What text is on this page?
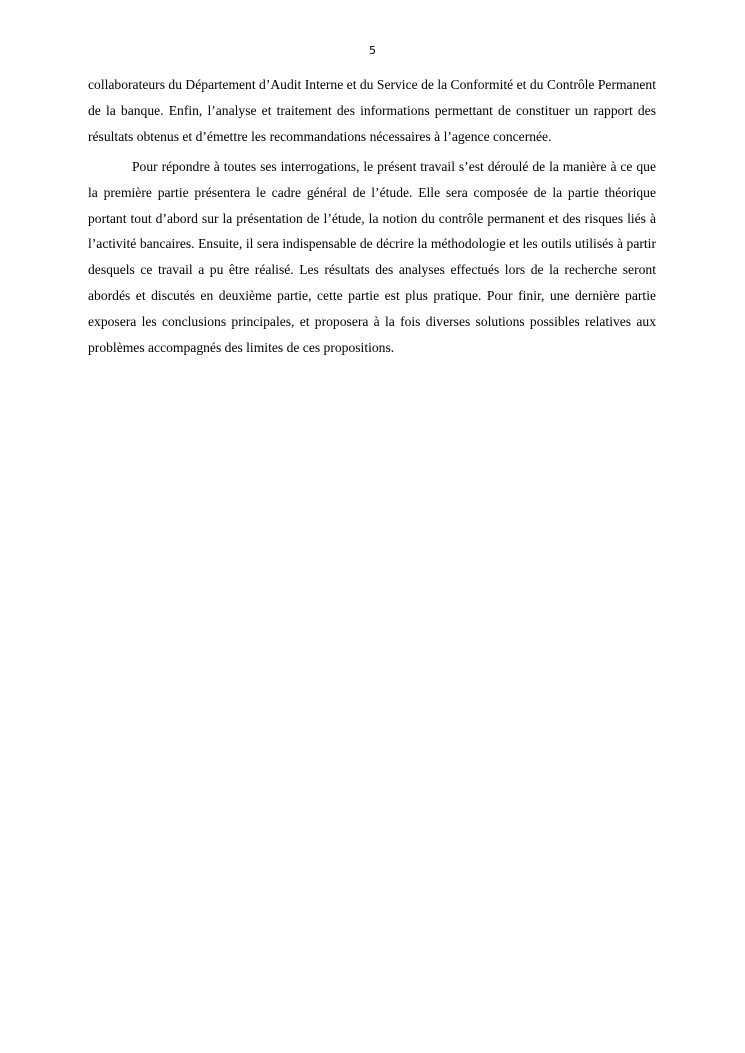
5

collaborateurs du Département d’Audit Interne et du Service de la Conformité et du Contrôle Permanent de la banque. Enfin, l’analyse et traitement des informations permettant de constituer un rapport des résultats obtenus et d’émettre les recommandations nécessaires à l’agence concernée.

Pour répondre à toutes ses interrogations, le présent travail s’est déroulé de la manière à ce que la première partie présentera le cadre général de l’étude. Elle sera composée de la partie théorique portant tout d’abord sur la présentation de l’étude, la notion du contrôle permanent et des risques liés à l’activité bancaires. Ensuite, il sera indispensable de décrire la méthodologie et les outils utilisés à partir desquels ce travail a pu être réalisé. Les résultats des analyses effectués lors de la recherche seront abordés et discutés en deuxième partie, cette partie est plus pratique. Pour finir, une dernière partie exposera les conclusions principales, et proposera à la fois diverses solutions possibles relatives aux problèmes accompagnés des limites de ces propositions.
